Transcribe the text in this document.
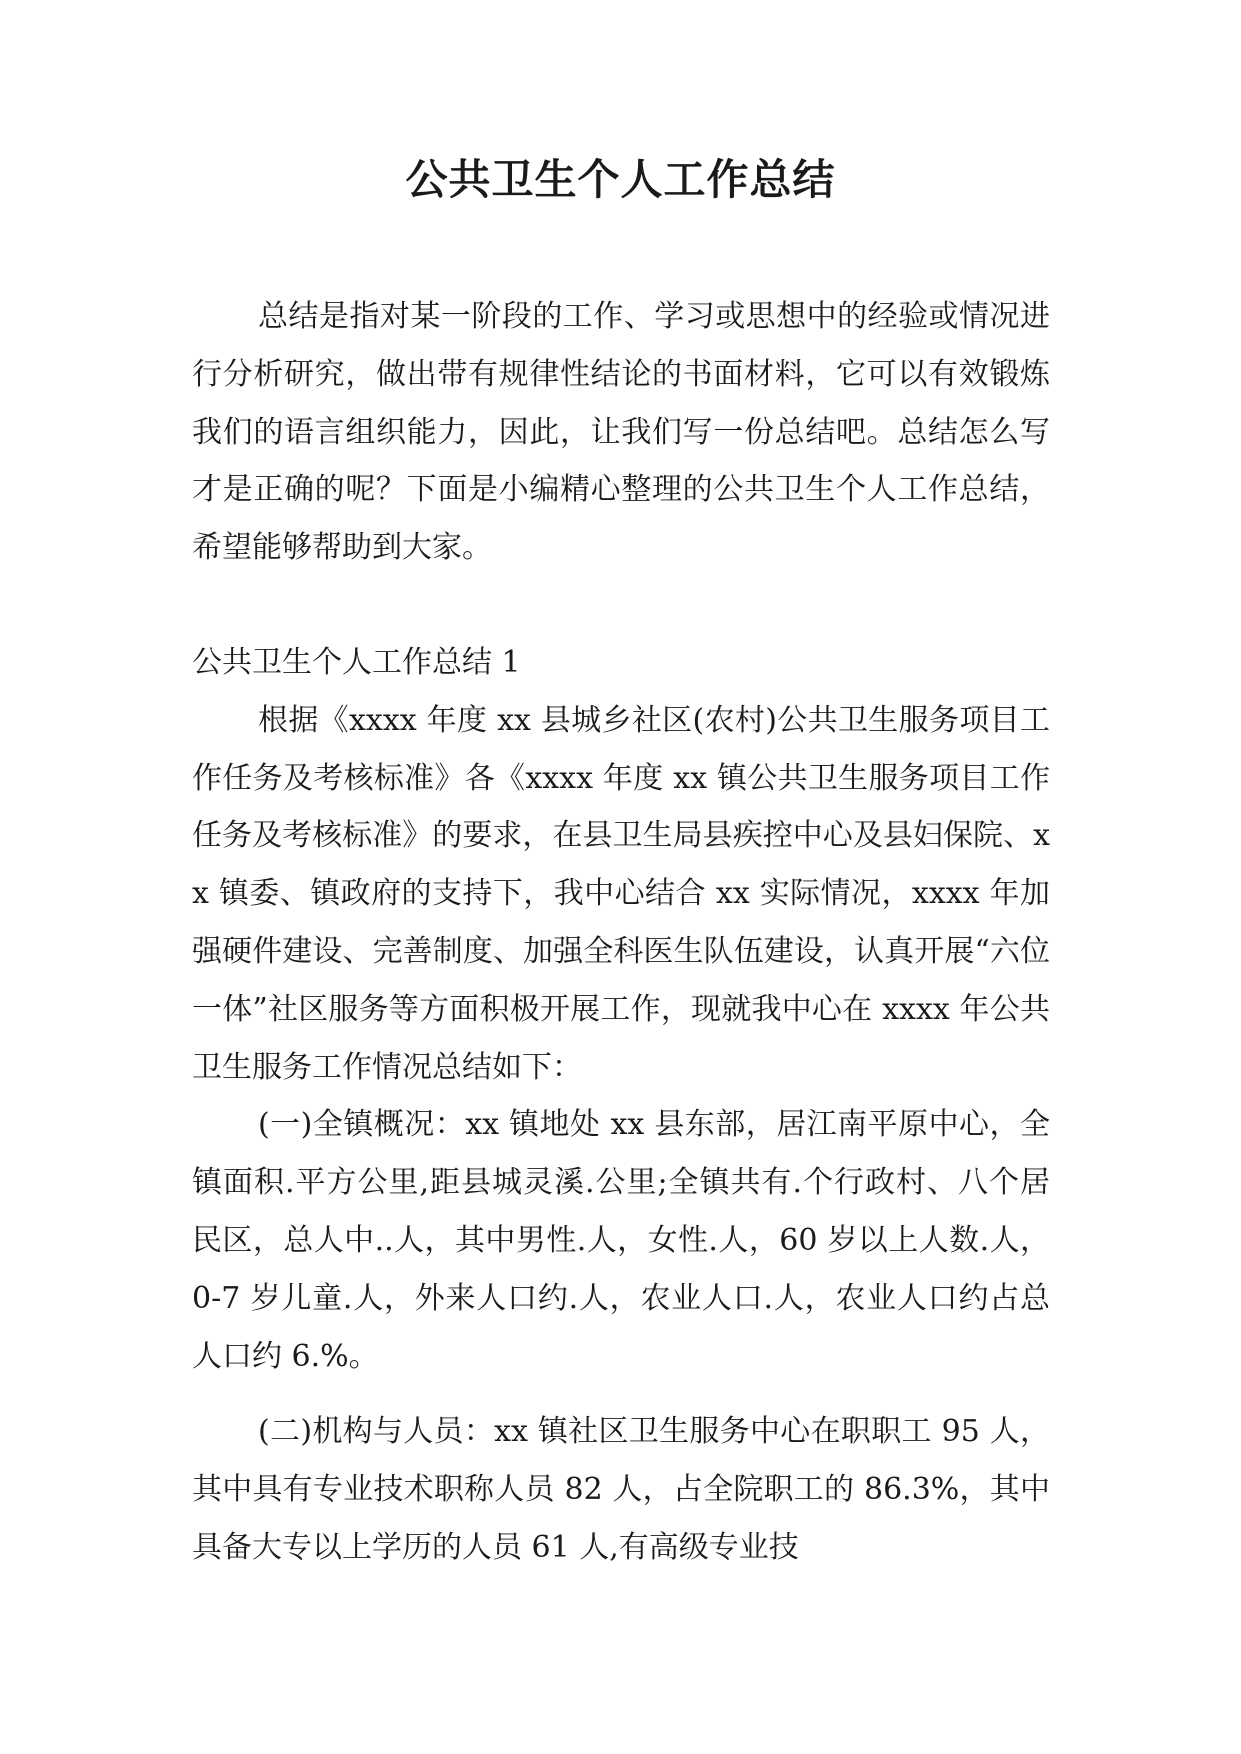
公共卫生个人工作总结

总结是指对某一阶段的工作、学习或思想中的经验或情况进行分析研究，做出带有规律性结论的书面材料，它可以有效锻炼我们的语言组织能力，因此，让我们写一份总结吧。总结怎么写才是正确的呢？下面是小编精心整理的公共卫生个人工作总结，希望能够帮助到大家。

公共卫生个人工作总结 1

根据《xxxx 年度 xx 县城乡社区(农村)公共卫生服务项目工作任务及考核标准》各《xxxx 年度 xx 镇公共卫生服务项目工作任务及考核标准》的要求，在县卫生局县疾控中心及县妇保院、xx 镇委、镇政府的支持下，我中心结合 xx 实际情况，xxxx 年加强硬件建设、完善制度、加强全科医生队伍建设，认真开展“六位一体”社区服务等方面积极开展工作，现就我中心在 xxxx 年公共卫生服务工作情况总结如下：

(一)全镇概况：xx 镇地处 xx 县东部，居江南平原中心，全镇面积.平方公里,距县城灵溪.公里;全镇共有.个行政村、八个居民区，总人中..人，其中男性.人，女性.人，60 岁以上人数.人，0-7 岁儿童.人，外来人口约.人，农业人口.人，农业人口约占总人口约 6.%。

(二)机构与人员：xx 镇社区卫生服务中心在职职工 95 人，其中具有专业技术职称人员 82 人，占全院职工的 86.3%，其中具备大专以上学历的人员 61 人,有高级专业技
